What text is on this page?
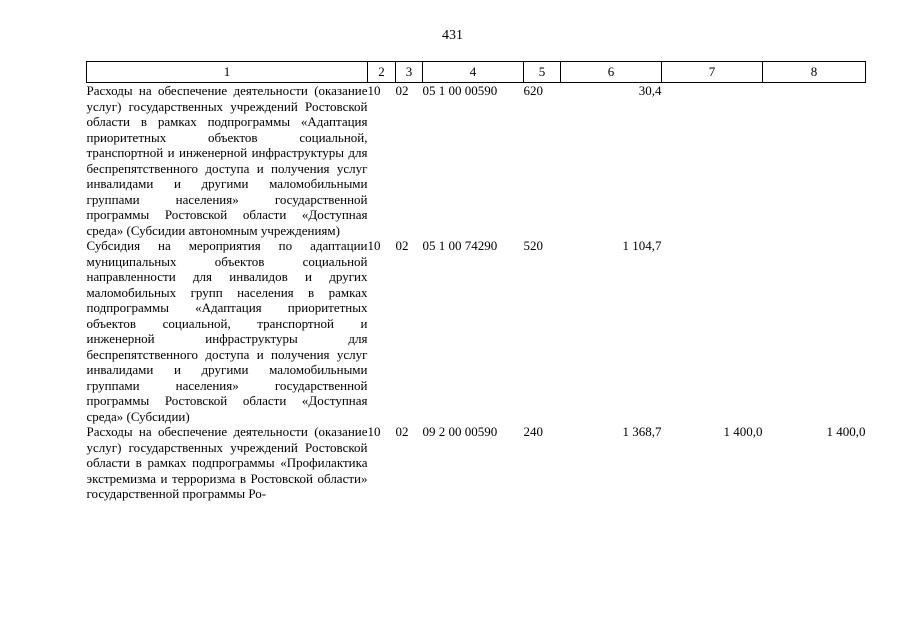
431
1	2	3	4	5	6	7	8
Расходы на обеспечение деятельности (оказание услуг) государственных учреждений Ростовской области в рамках подпрограммы «Адаптация приоритетных объектов социальной, транспортной и инженерной инфраструктуры для беспрепятственного доступа и получения услуг инвалидами и другими маломобильными группами населения» государственной программы Ростовской области «Доступная среда» (Субсидии автономным учреждениям)	10	02	05 1 00 00590	620	30,4		
Субсидия на мероприятия по адаптации муниципальных объектов социальной направленности для инвалидов и других маломобильных групп населения в рамках подпрограммы «Адаптация приоритетных объектов социальной, транспортной и инженерной инфраструктуры для беспрепятственного доступа и получения услуг инвалидами и другими маломобильными группами населения» государственной программы Ростовской области «Доступная среда» (Субсидии)	10	02	05 1 00 74290	520	1 104,7		
Расходы на обеспечение деятельности (оказание услуг) государственных учреждений Ростовской области в рамках подпрограммы «Профилактика экстремизма и терроризма в Ростовской области» государственной программы Ро-	10	02	09 2 00 00590	240	1 368,7	1 400,0	1 400,0
